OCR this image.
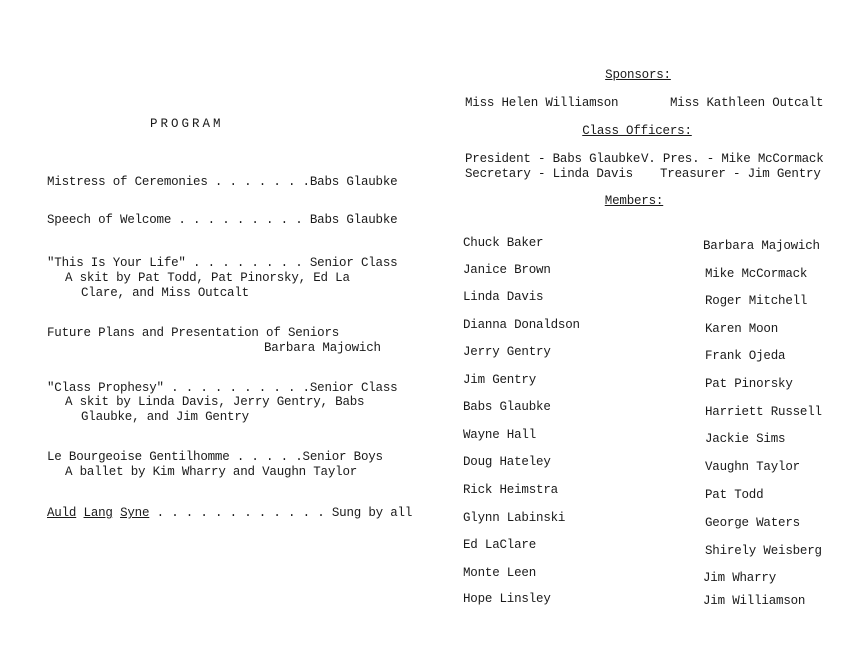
PROGRAM
Mistress of Ceremonies . . . . . . .Babs Glaubke
Speech of Welcome . . . . . . . . . Babs Glaubke
"This Is Your Life" . . . . . . . . Senior Class
A skit by Pat Todd, Pat Pinorsky, Ed La
Clare, and Miss Outcalt
Future Plans and Presentation of Seniors
Barbara Majowich
"Class Prophesy" . . . . . . . . . .Senior Class
A skit by Linda Davis, Jerry Gentry, Babs
Glaubke, and Jim Gentry
Le Bourgeoise Gentilhomme . . . . .Senior Boys
A ballet by Kim Wharry and Vaughn Taylor
Auld Lang Syne . . . . . . . . . . . . Sung by all
Sponsors:
Miss Helen Williamson	Miss Kathleen Outcalt
Class Officers:
President - Babs Glaubke V. Pres. - Mike McCormack
Secretary - Linda Davis Treasurer - Jim Gentry
Members:
Chuck Baker
Janice Brown
Linda Davis
Dianna Donaldson
Jerry Gentry
Jim Gentry
Babs Glaubke
Wayne Hall
Doug Hateley
Rick Heimstra
Glynn Labinski
Ed LaClare
Monte Leen
Hope Linsley
Barbara Majowich
Mike McCormack
Roger Mitchell
Karen Moon
Frank Ojeda
Pat Pinorsky
Harriett Russell
Jackie Sims
Vaughn Taylor
Pat Todd
George Waters
Shirely Weisberg
Jim Wharry
Jim Williamson
